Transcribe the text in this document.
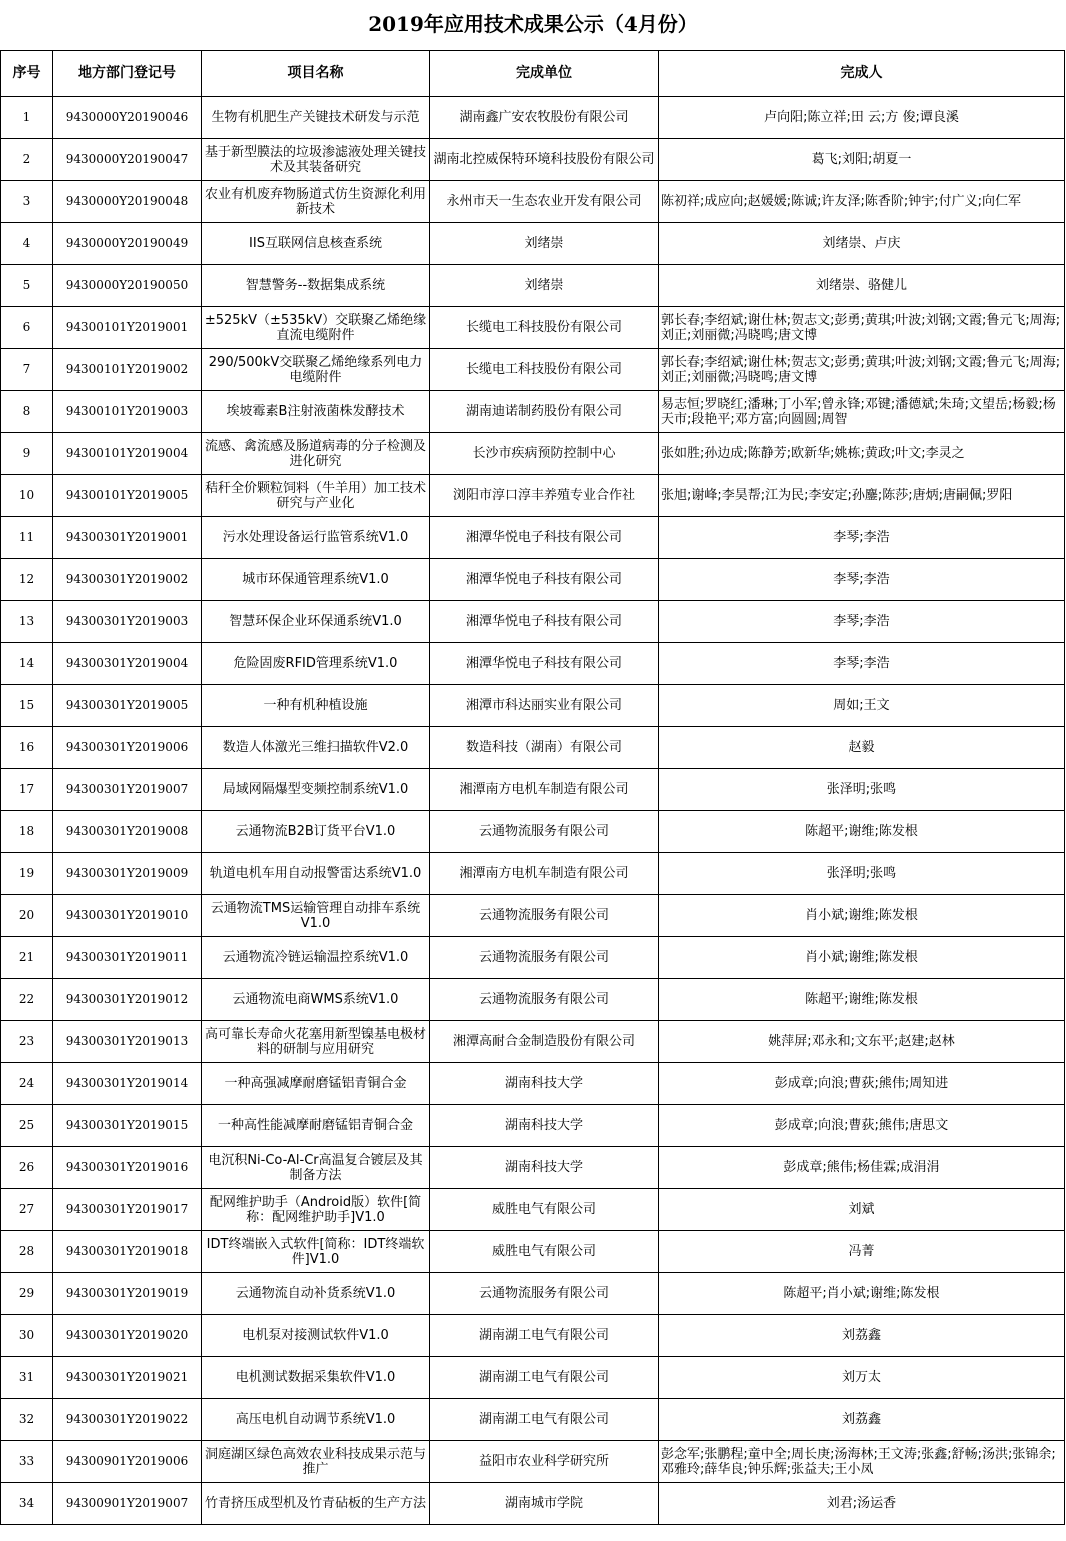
2019年应用技术成果公示（4月份）
序号	地方部门登记号	项目名称	完成单位	完成人
1	9430000Y20190046	生物有机肥生产关键技术研发与示范	湖南鑫广安农牧股份有限公司	卢向阳;陈立祥;田 云;方 俊;谭良溪
2	9430000Y20190047	基于新型膜法的垃圾渗滤液处理关键技术及其装备研究	湖南北控威保特环境科技股份有限公司	葛飞;刘阳;胡夏一
3	9430000Y20190048	农业有机废弃物肠道式仿生资源化利用新技术	永州市天一生态农业开发有限公司	陈初祥;成应向;赵媛媛;陈诚;许友泽;陈香阶;钟宇;付广义;向仁军
4	9430000Y20190049	IIS互联网信息核查系统	刘绪崇	刘绪崇、卢庆
5	9430000Y20190050	智慧警务--数据集成系统	刘绪崇	刘绪崇、骆健儿
6	94300101Y2019001	±525kV（±535kV）交联聚乙烯绝缘直流电缆附件	长缆电工科技股份有限公司	郭长春;李绍斌;谢仕林;贺志文;彭勇;黄琪;叶波;刘钢;文霞;鲁元飞;周海;刘正;刘丽微;冯晓鸣;唐文博
7	94300101Y2019002	290/500kV交联聚乙烯绝缘系列电力电缆附件	长缆电工科技股份有限公司	郭长春;李绍斌;谢仕林;贺志文;彭勇;黄琪;叶波;刘钢;文霞;鲁元飞;周海;刘正;刘丽微;冯晓鸣;唐文博
8	94300101Y2019003	埃坡霉素B注射液菌株发酵技术	湖南迪诺制药股份有限公司	易志恒;罗晓红;潘琳;丁小军;曾永锋;邓键;潘德斌;朱琦;文望岳;杨毅;杨天市;段艳平;邓方富;向圆圆;周智
9	94300101Y2019004	流感、禽流感及肠道病毒的分子检测及进化研究	长沙市疾病预防控制中心	张如胜;孙边成;陈静芳;欧新华;姚栋;黄政;叶文;李灵之
10	94300101Y2019005	秸秆全价颗粒饲料（牛羊用）加工技术研究与产业化	浏阳市淳口淳丰养殖专业合作社	张旭;谢峰;李昊帮;江为民;李安定;孙鏖;陈莎;唐炳;唐嗣佩;罗阳
11	94300301Y2019001	污水处理设备运行监管系统V1.0	湘潭华悦电子科技有限公司	李琴;李浩
12	94300301Y2019002	城市环保通管理系统V1.0	湘潭华悦电子科技有限公司	李琴;李浩
13	94300301Y2019003	智慧环保企业环保通系统V1.0	湘潭华悦电子科技有限公司	李琴;李浩
14	94300301Y2019004	危险固废RFID管理系统V1.0	湘潭华悦电子科技有限公司	李琴;李浩
15	94300301Y2019005	一种有机种植设施	湘潭市科达丽实业有限公司	周如;王文
16	94300301Y2019006	数造人体激光三维扫描软件V2.0	数造科技（湖南）有限公司	赵毅
17	94300301Y2019007	局域网隔爆型变频控制系统V1.0	湘潭南方电机车制造有限公司	张泽明;张鸣
18	94300301Y2019008	云通物流B2B订货平台V1.0	云通物流服务有限公司	陈超平;谢维;陈发根
19	94300301Y2019009	轨道电机车用自动报警雷达系统V1.0	湘潭南方电机车制造有限公司	张泽明;张鸣
20	94300301Y2019010	云通物流TMS运输管理自动排车系统V1.0	云通物流服务有限公司	肖小斌;谢维;陈发根
21	94300301Y2019011	云通物流冷链运输温控系统V1.0	云通物流服务有限公司	肖小斌;谢维;陈发根
22	94300301Y2019012	云通物流电商WMS系统V1.0	云通物流服务有限公司	陈超平;谢维;陈发根
23	94300301Y2019013	高可靠长寿命火花塞用新型镍基电极材料的研制与应用研究	湘潭高耐合金制造股份有限公司	姚萍屏;邓永和;文东平;赵建;赵林
24	94300301Y2019014	一种高强减摩耐磨锰铝青铜合金	湖南科技大学	彭成章;向浪;曹荻;熊伟;周知进
25	94300301Y2019015	一种高性能减摩耐磨锰铝青铜合金	湖南科技大学	彭成章;向浪;曹荻;熊伟;唐思文
26	94300301Y2019016	电沉积Ni-Co-Al-Cr高温复合镀层及其制备方法	湖南科技大学	彭成章;熊伟;杨佳霖;成涓涓
27	94300301Y2019017	配网维护助手（Android版）软件[简称：配网维护助手]V1.0	威胜电气有限公司	刘斌
28	94300301Y2019018	IDT终端嵌入式软件[简称：IDT终端软件]V1.0	威胜电气有限公司	冯菁
29	94300301Y2019019	云通物流自动补货系统V1.0	云通物流服务有限公司	陈超平;肖小斌;谢维;陈发根
30	94300301Y2019020	电机泵对接测试软件V1.0	湖南湖工电气有限公司	刘荔鑫
31	94300301Y2019021	电机测试数据采集软件V1.0	湖南湖工电气有限公司	刘万太
32	94300301Y2019022	高压电机自动调节系统V1.0	湖南湖工电气有限公司	刘荔鑫
33	94300901Y2019006	洞庭湖区绿色高效农业科技成果示范与推广	益阳市农业科学研究所	彭念军;张鹏程;童中全;周长庚;汤海林;王文涛;张鑫;舒畅;汤洪;张锦余;邓雅玲;薛华良;钟乐辉;张益夫;王小凤
34	94300901Y2019007	竹青挤压成型机及竹青砧板的生产方法	湖南城市学院	刘君;汤运香
